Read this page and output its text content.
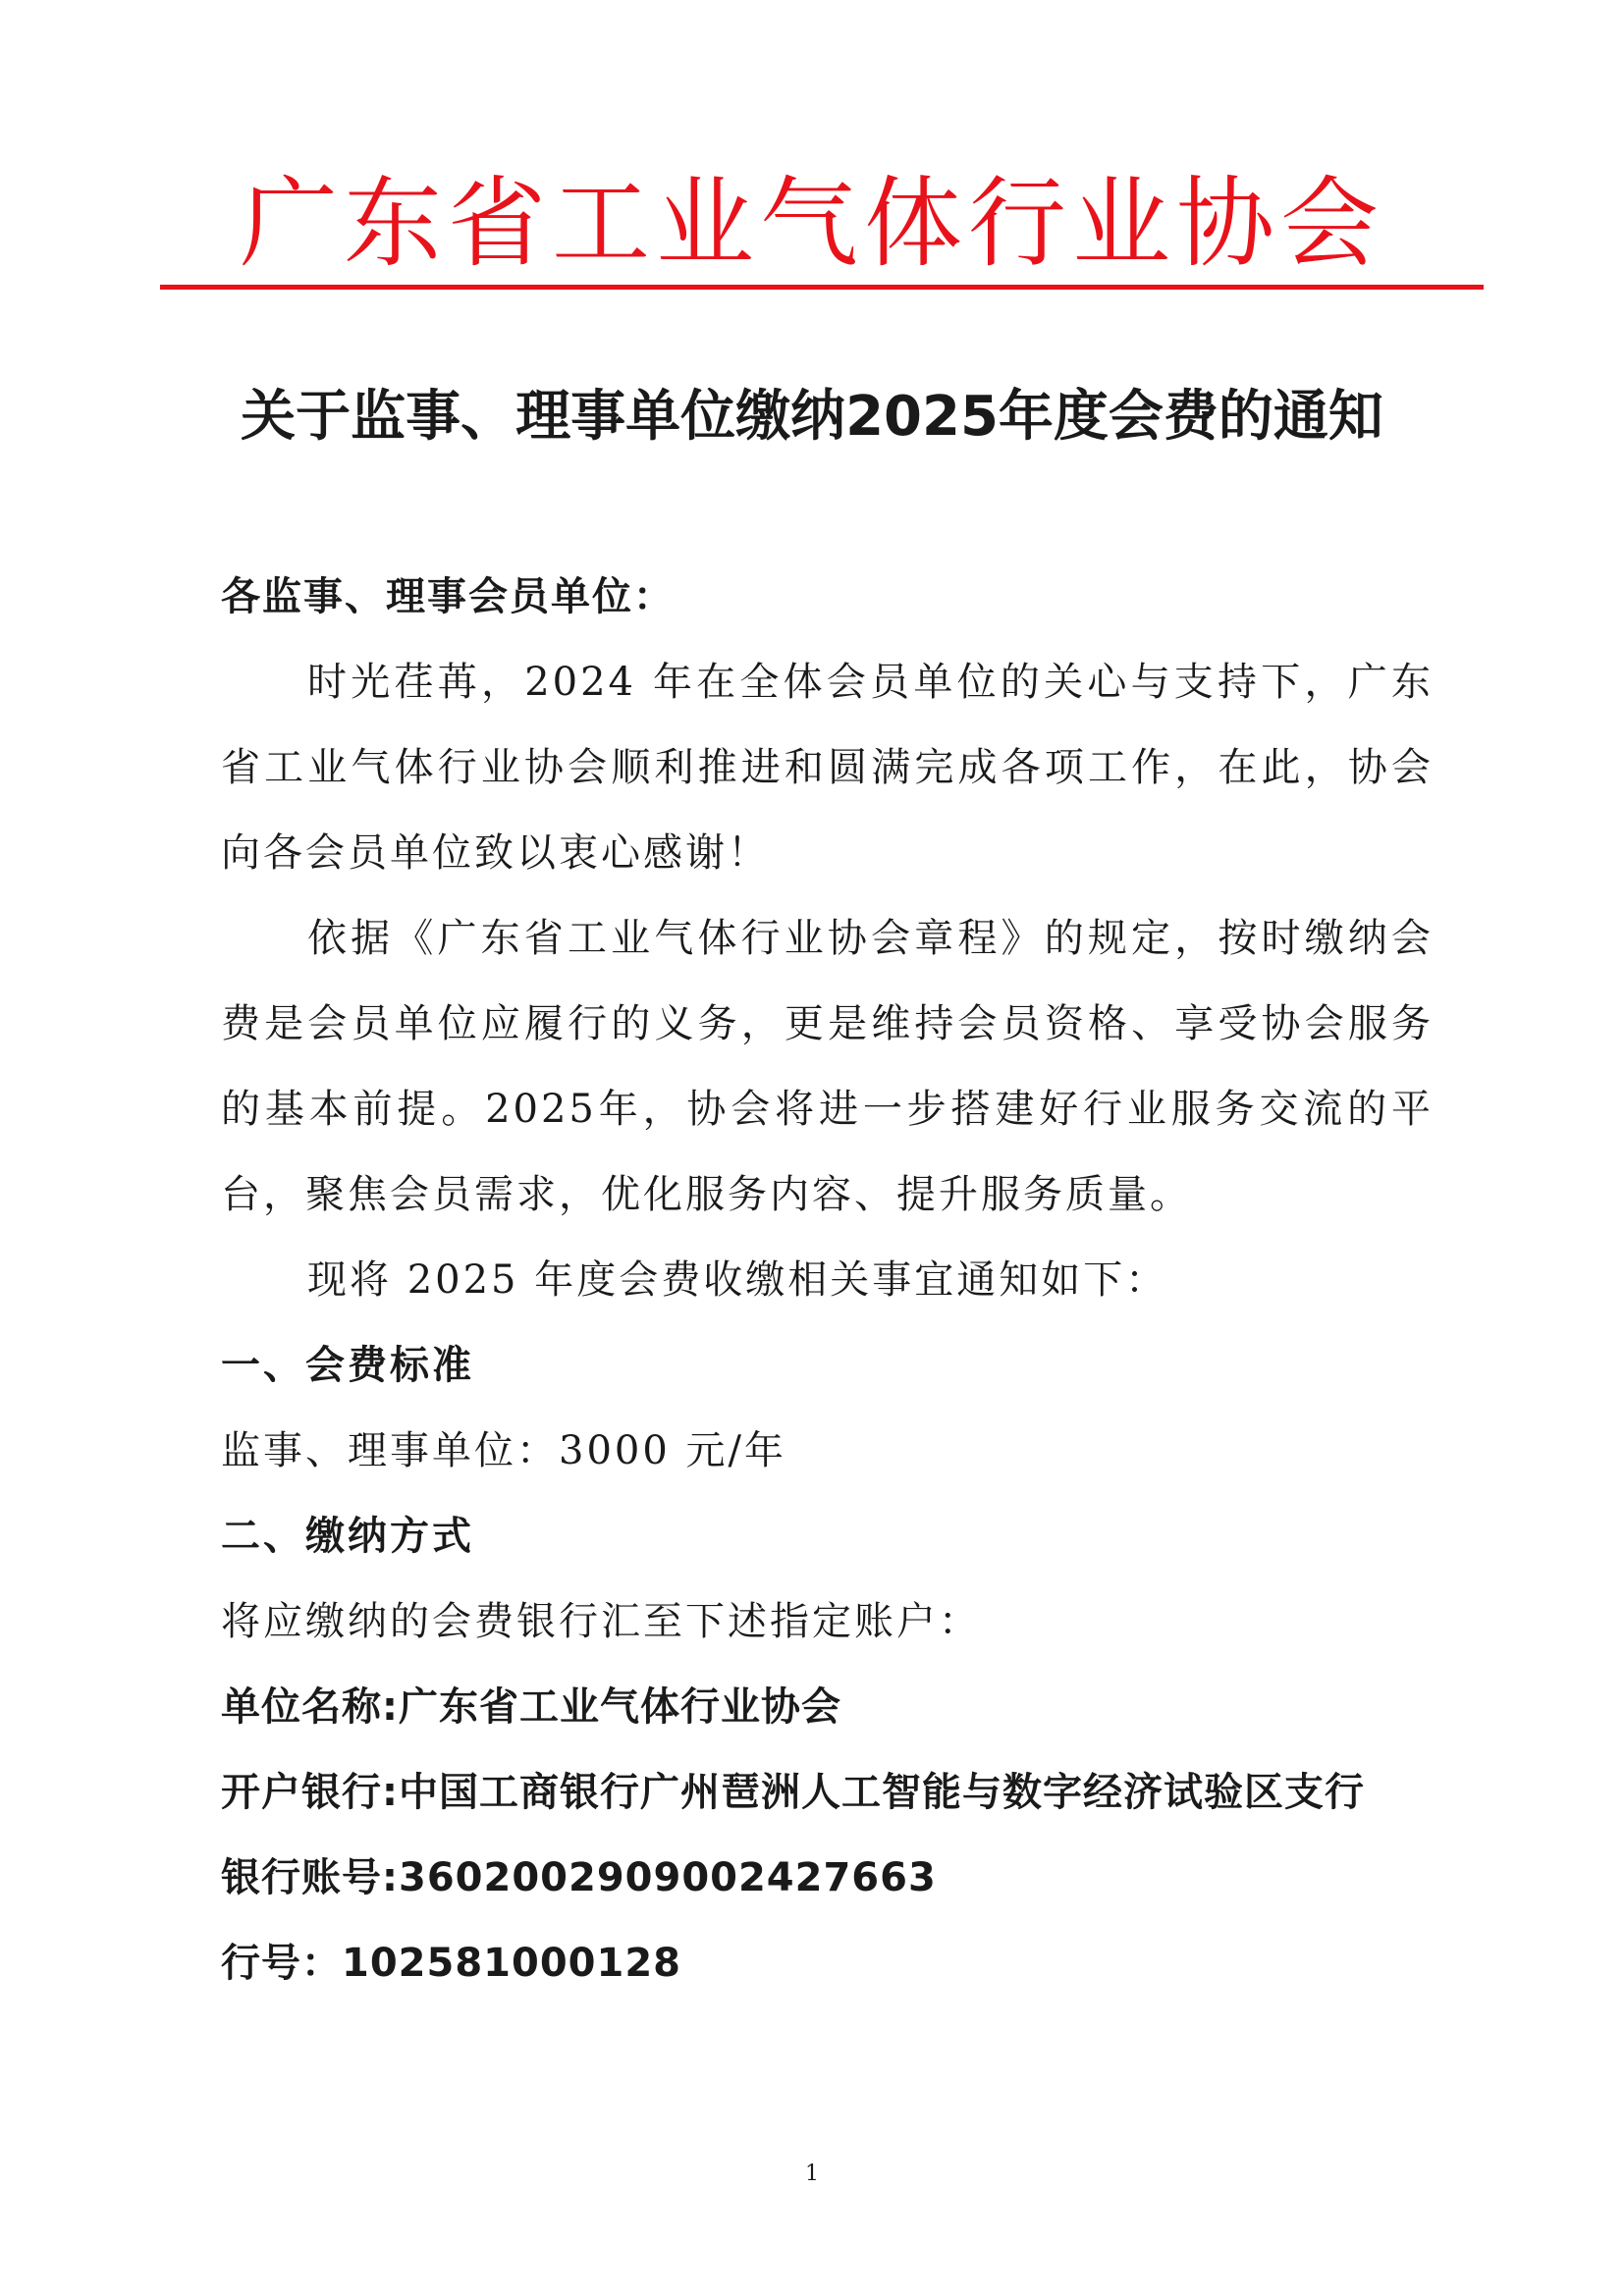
广东省工业气体行业协会
关于监事、理事单位缴纳2025年度会费的通知

各监事、理事会员单位：

时光荏苒，2024 年在全体会员单位的关心与支持下，广东省工业气体行业协会顺利推进和圆满完成各项工作，在此，协会向各会员单位致以衷心感谢！

依据《广东省工业气体行业协会章程》的规定，按时缴纳会费是会员单位应履行的义务，更是维持会员资格、享受协会服务的基本前提。2025年，协会将进一步搭建好行业服务交流的平台，聚焦会员需求，优化服务内容、提升服务质量。

现将 2025 年度会费收缴相关事宜通知如下：

一、会费标准

监事、理事单位：3000 元/年

二、缴纳方式

将应缴纳的会费银行汇至下述指定账户：

单位名称:广东省工业气体行业协会

开户银行:中国工商银行广州琶洲人工智能与数字经济试验区支行

银行账号:3602002909002427663

行号：102581000128

1
